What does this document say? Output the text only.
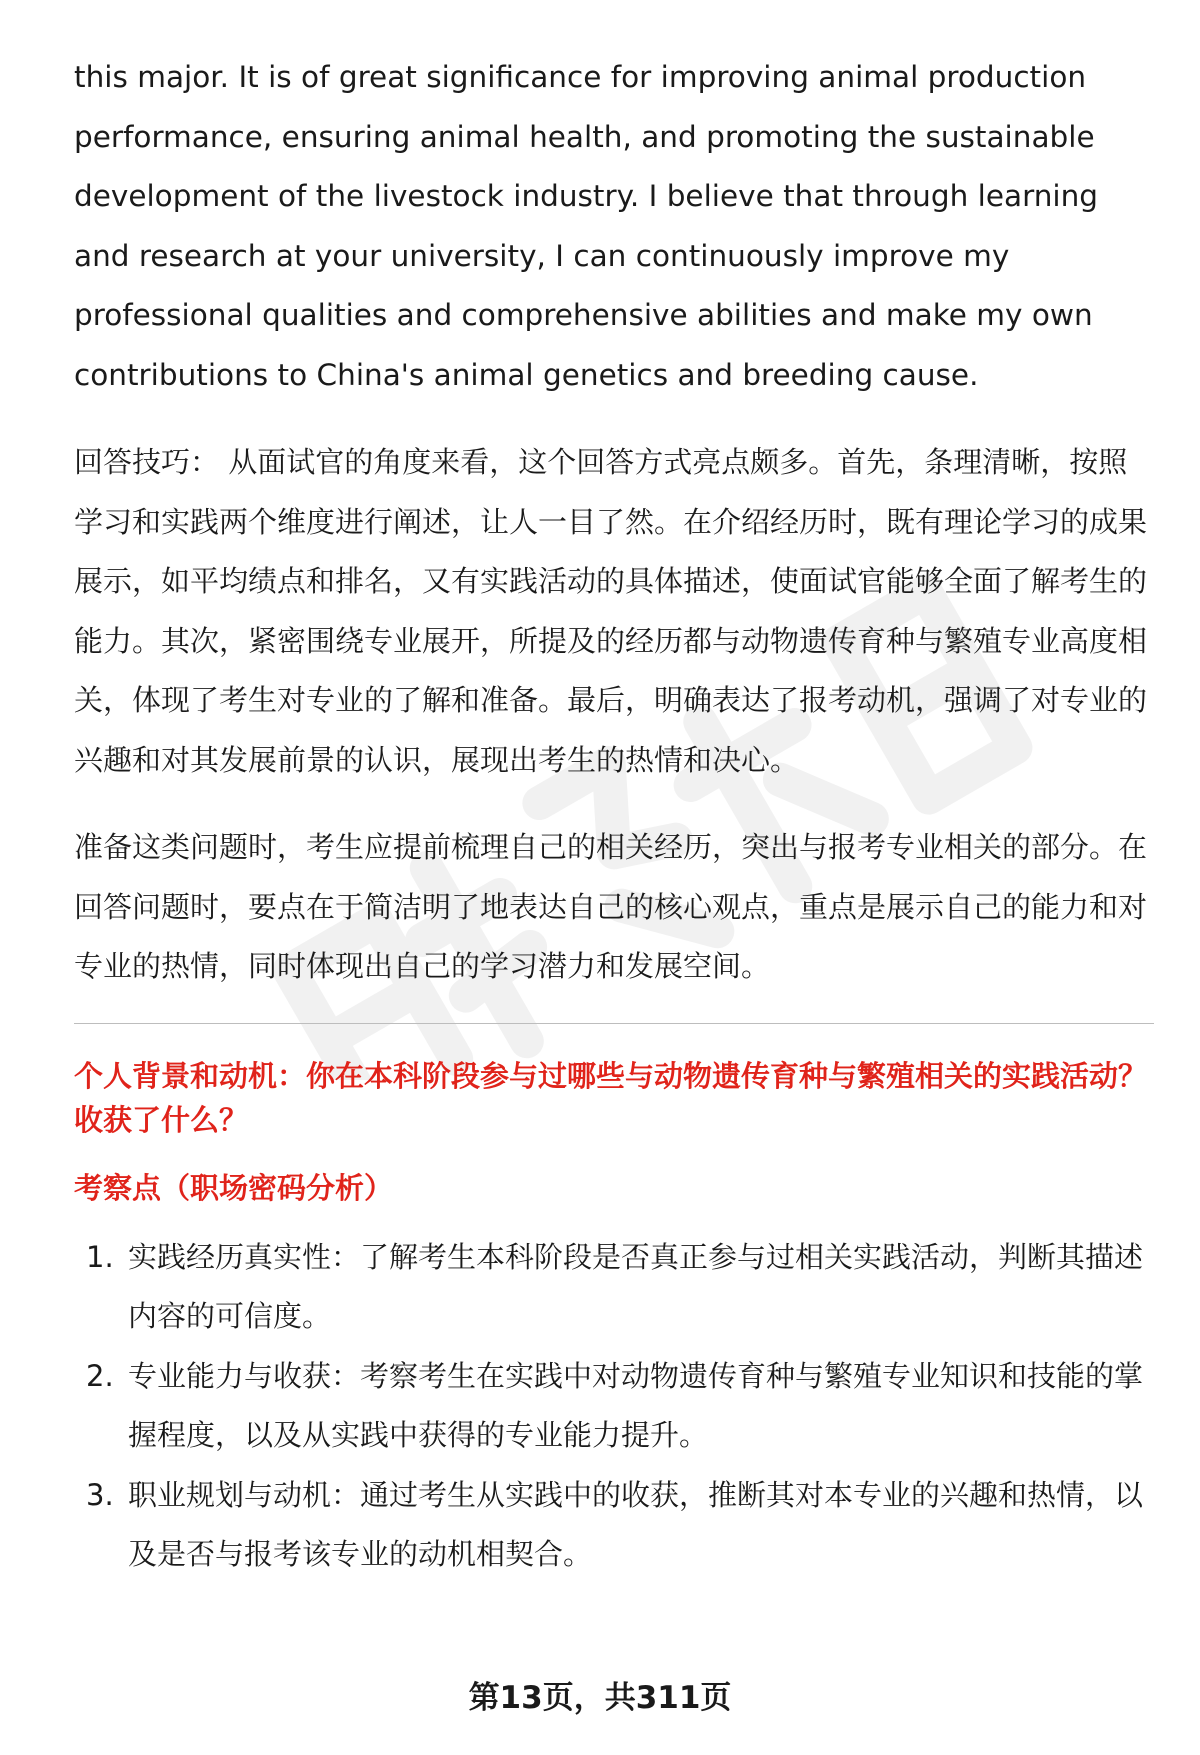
this major. It is of great significance for improving animal production performance, ensuring animal health, and promoting the sustainable development of the livestock industry. I believe that through learning and research at your university, I can continuously improve my professional qualities and comprehensive abilities and make my own contributions to China's animal genetics and breeding cause.

回答技巧： 从面试官的角度来看，这个回答方式亮点颇多。首先，条理清晰，按照学习和实践两个维度进行阐述，让人一目了然。在介绍经历时，既有理论学习的成果展示，如平均绩点和排名，又有实践活动的具体描述，使面试官能够全面了解考生的能力。其次，紧密围绕专业展开，所提及的经历都与动物遗传育种与繁殖专业高度相关，体现了考生对专业的了解和准备。最后，明确表达了报考动机，强调了对专业的兴趣和对其发展前景的认识，展现出考生的热情和决心。

准备这类问题时，考生应提前梳理自己的相关经历，突出与报考专业相关的部分。在回答问题时，要点在于简洁明了地表达自己的核心观点，重点是展示自己的能力和对专业的热情，同时体现出自己的学习潜力和发展空间。

个人背景和动机：你在本科阶段参与过哪些与动物遗传育种与繁殖相关的实践活动？收获了什么？

考察点（职场密码分析）

1. 实践经历真实性：了解考生本科阶段是否真正参与过相关实践活动，判断其描述内容的可信度。
2. 专业能力与收获：考察考生在实践中对动物遗传育种与繁殖专业知识和技能的掌握程度，以及从实践中获得的专业能力提升。
3. 职业规划与动机：通过考生从实践中的收获，推断其对本专业的兴趣和热情，以及是否与报考该专业的动机相契合。
第13页，共311页
